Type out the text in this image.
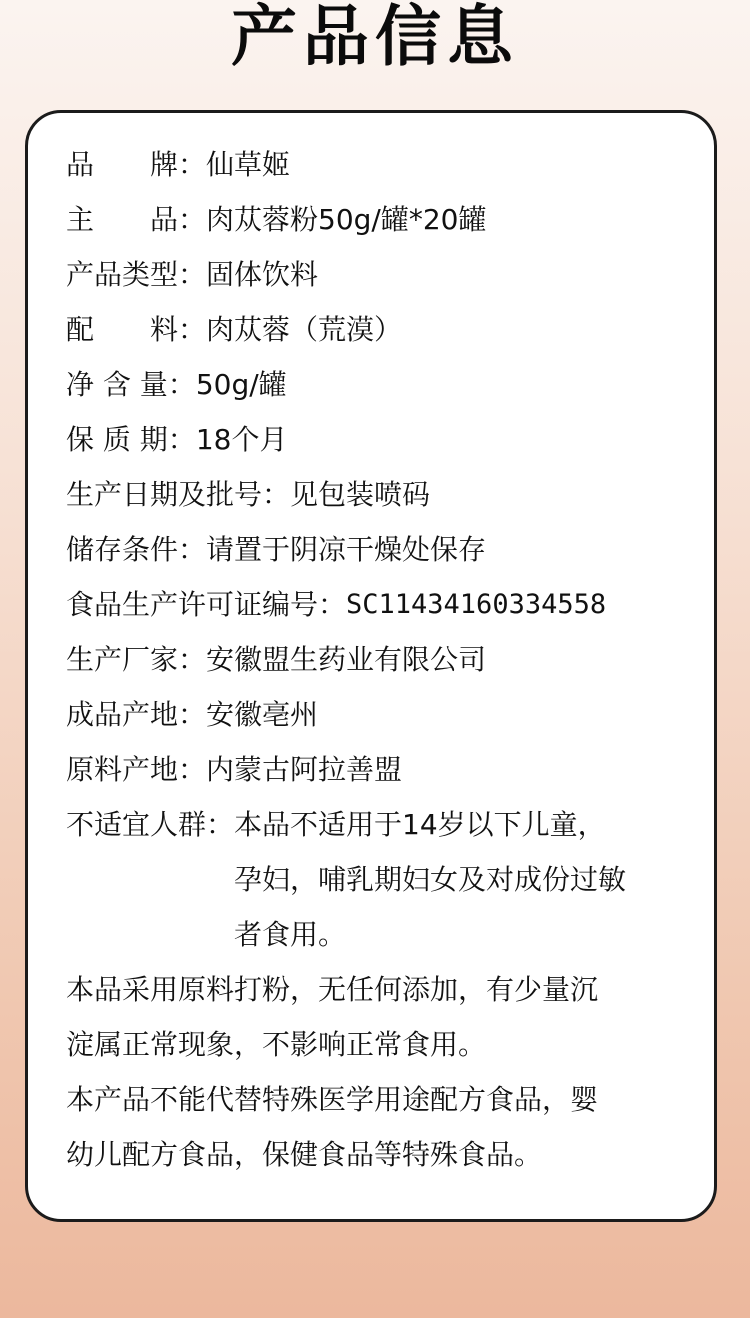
产品信息
品　　牌： 仙草姬
主　　品： 肉苁蓉粉50g/罐*20罐
产品类型： 固体饮料
配　　料： 肉苁蓉（荒漠）
净 含 量： 50g/罐
保 质 期： 18个月
生产日期及批号： 见包装喷码
储存条件： 请置于阴凉干燥处保存
食品生产许可证编号： SC11434160334558
生产厂家： 安徽盟生药业有限公司
成品产地： 安徽亳州
原料产地： 内蒙古阿拉善盟
不适宜人群： 本品不适用于14岁以下儿童，
孕妇，哺乳期妇女及对成份过敏
者食用。
本品采用原料打粉，无任何添加，有少量沉
淀属正常现象，不影响正常食用。
本产品不能代替特殊医学用途配方食品，婴
幼儿配方食品，保健食品等特殊食品。
